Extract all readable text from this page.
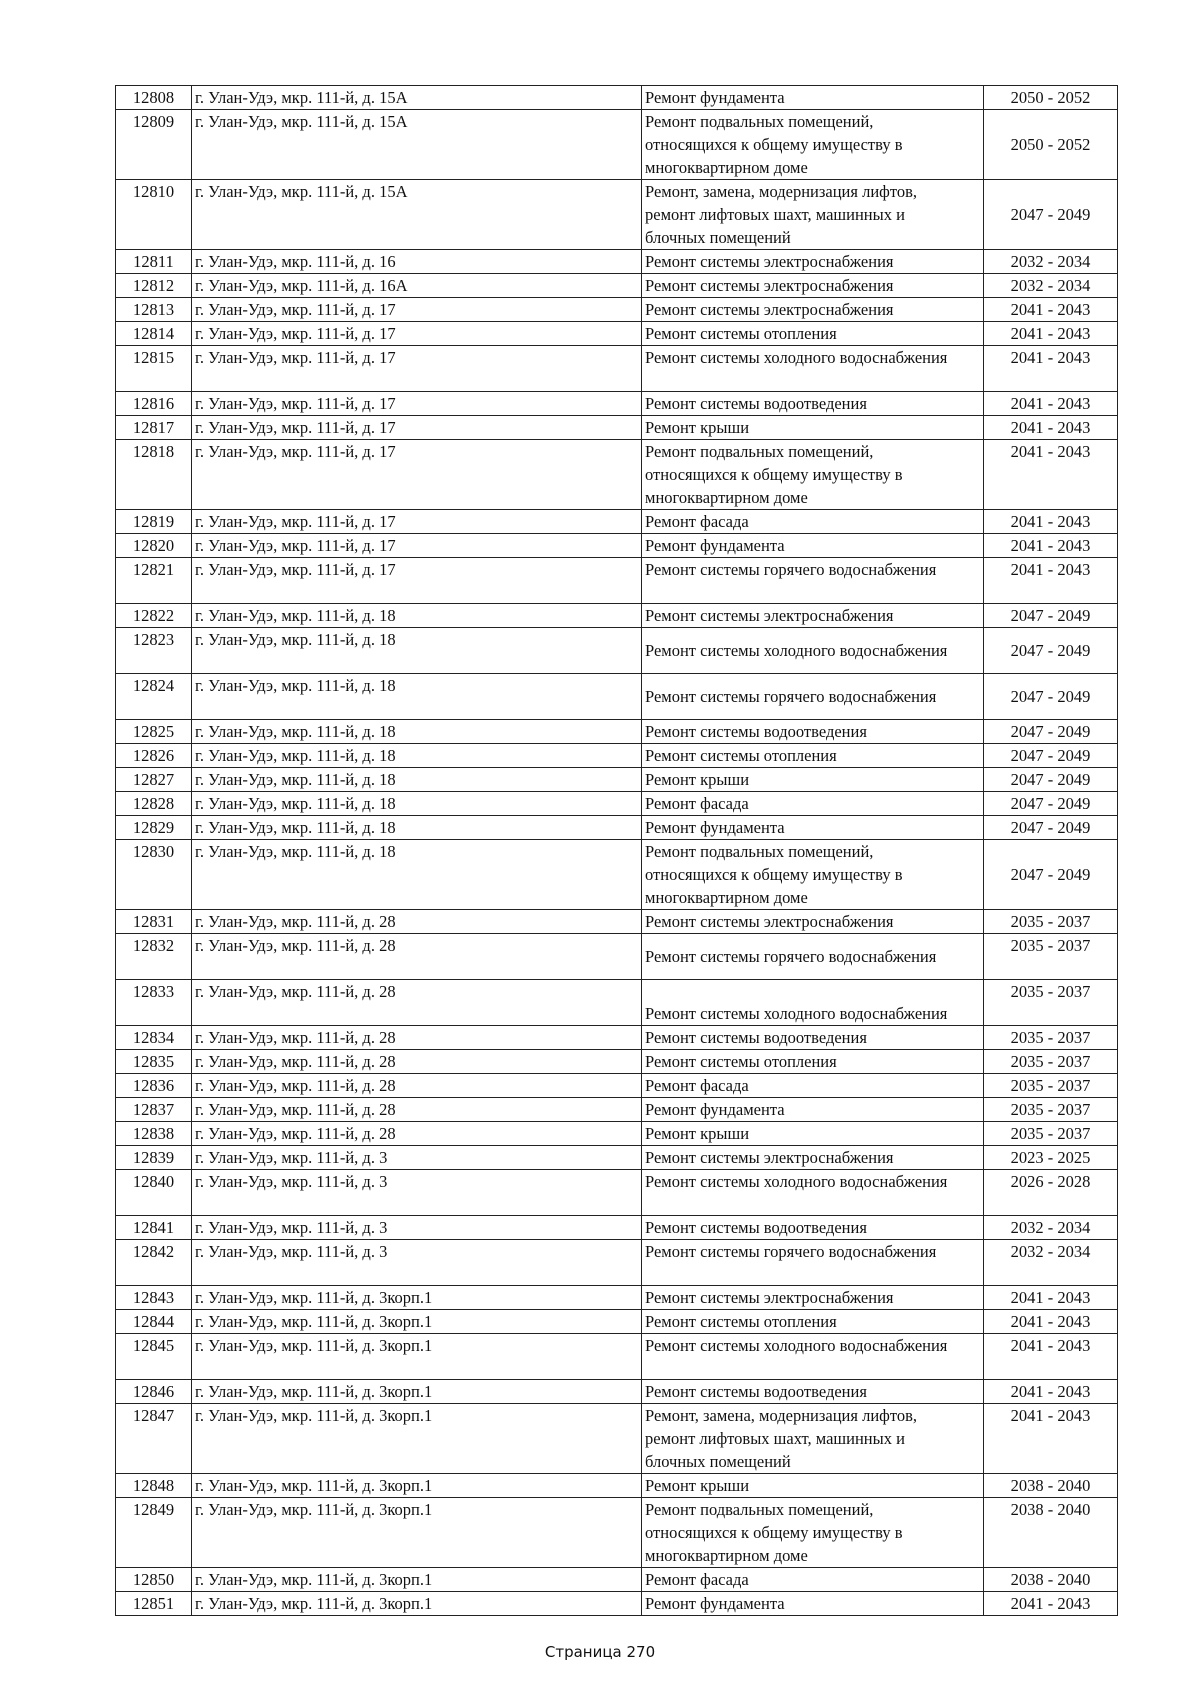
12808	г. Улан-Удэ, мкр. 111-й, д. 15А	Ремонт фундамента	2050 - 2052
12809	г. Улан-Удэ, мкр. 111-й, д. 15А	Ремонт подвальных помещений,
относящихся к общему имуществу в
многоквартирном доме	2050 - 2052
12810	г. Улан-Удэ, мкр. 111-й, д. 15А	Ремонт, замена, модернизация лифтов,
ремонт лифтовых шахт, машинных и
блочных помещений	2047 - 2049
12811	г. Улан-Удэ, мкр. 111-й, д. 16	Ремонт системы электроснабжения	2032 - 2034
12812	г. Улан-Удэ, мкр. 111-й, д. 16А	Ремонт системы электроснабжения	2032 - 2034
12813	г. Улан-Удэ, мкр. 111-й, д. 17	Ремонт системы электроснабжения	2041 - 2043
12814	г. Улан-Удэ, мкр. 111-й, д. 17	Ремонт системы отопления	2041 - 2043
12815	г. Улан-Удэ, мкр. 111-й, д. 17	Ремонт системы холодного водоснабжения	2041 - 2043
12816	г. Улан-Удэ, мкр. 111-й, д. 17	Ремонт системы водоотведения	2041 - 2043
12817	г. Улан-Удэ, мкр. 111-й, д. 17	Ремонт крыши	2041 - 2043
12818	г. Улан-Удэ, мкр. 111-й, д. 17	Ремонт подвальных помещений,
относящихся к общему имуществу в
многоквартирном доме	2041 - 2043
12819	г. Улан-Удэ, мкр. 111-й, д. 17	Ремонт фасада	2041 - 2043
12820	г. Улан-Удэ, мкр. 111-й, д. 17	Ремонт фундамента	2041 - 2043
12821	г. Улан-Удэ, мкр. 111-й, д. 17	Ремонт системы горячего водоснабжения	2041 - 2043
12822	г. Улан-Удэ, мкр. 111-й, д. 18	Ремонт системы электроснабжения	2047 - 2049
12823	г. Улан-Удэ, мкр. 111-й, д. 18	Ремонт системы холодного водоснабжения	2047 - 2049
12824	г. Улан-Удэ, мкр. 111-й, д. 18	Ремонт системы горячего водоснабжения	2047 - 2049
12825	г. Улан-Удэ, мкр. 111-й, д. 18	Ремонт системы водоотведения	2047 - 2049
12826	г. Улан-Удэ, мкр. 111-й, д. 18	Ремонт системы отопления	2047 - 2049
12827	г. Улан-Удэ, мкр. 111-й, д. 18	Ремонт крыши	2047 - 2049
12828	г. Улан-Удэ, мкр. 111-й, д. 18	Ремонт фасада	2047 - 2049
12829	г. Улан-Удэ, мкр. 111-й, д. 18	Ремонт фундамента	2047 - 2049
12830	г. Улан-Удэ, мкр. 111-й, д. 18	Ремонт подвальных помещений,
относящихся к общему имуществу в
многоквартирном доме	2047 - 2049
12831	г. Улан-Удэ, мкр. 111-й, д. 28	Ремонт системы электроснабжения	2035 - 2037
12832	г. Улан-Удэ, мкр. 111-й, д. 28	Ремонт системы горячего водоснабжения	2035 - 2037
12833	г. Улан-Удэ, мкр. 111-й, д. 28	Ремонт системы холодного водоснабжения	2035 - 2037
12834	г. Улан-Удэ, мкр. 111-й, д. 28	Ремонт системы водоотведения	2035 - 2037
12835	г. Улан-Удэ, мкр. 111-й, д. 28	Ремонт системы отопления	2035 - 2037
12836	г. Улан-Удэ, мкр. 111-й, д. 28	Ремонт фасада	2035 - 2037
12837	г. Улан-Удэ, мкр. 111-й, д. 28	Ремонт фундамента	2035 - 2037
12838	г. Улан-Удэ, мкр. 111-й, д. 28	Ремонт крыши	2035 - 2037
12839	г. Улан-Удэ, мкр. 111-й, д. 3	Ремонт системы электроснабжения	2023 - 2025
12840	г. Улан-Удэ, мкр. 111-й, д. 3	Ремонт системы холодного водоснабжения	2026 - 2028
12841	г. Улан-Удэ, мкр. 111-й, д. 3	Ремонт системы водоотведения	2032 - 2034
12842	г. Улан-Удэ, мкр. 111-й, д. 3	Ремонт системы горячего водоснабжения	2032 - 2034
12843	г. Улан-Удэ, мкр. 111-й, д. 3корп.1	Ремонт системы электроснабжения	2041 - 2043
12844	г. Улан-Удэ, мкр. 111-й, д. 3корп.1	Ремонт системы отопления	2041 - 2043
12845	г. Улан-Удэ, мкр. 111-й, д. 3корп.1	Ремонт системы холодного водоснабжения	2041 - 2043
12846	г. Улан-Удэ, мкр. 111-й, д. 3корп.1	Ремонт системы водоотведения	2041 - 2043
12847	г. Улан-Удэ, мкр. 111-й, д. 3корп.1	Ремонт, замена, модернизация лифтов,
ремонт лифтовых шахт, машинных и
блочных помещений	2041 - 2043
12848	г. Улан-Удэ, мкр. 111-й, д. 3корп.1	Ремонт крыши	2038 - 2040
12849	г. Улан-Удэ, мкр. 111-й, д. 3корп.1	Ремонт подвальных помещений,
относящихся к общему имуществу в
многоквартирном доме	2038 - 2040
12850	г. Улан-Удэ, мкр. 111-й, д. 3корп.1	Ремонт фасада	2038 - 2040
12851	г. Улан-Удэ, мкр. 111-й, д. 3корп.1	Ремонт фундамента	2041 - 2043
Страница 270
